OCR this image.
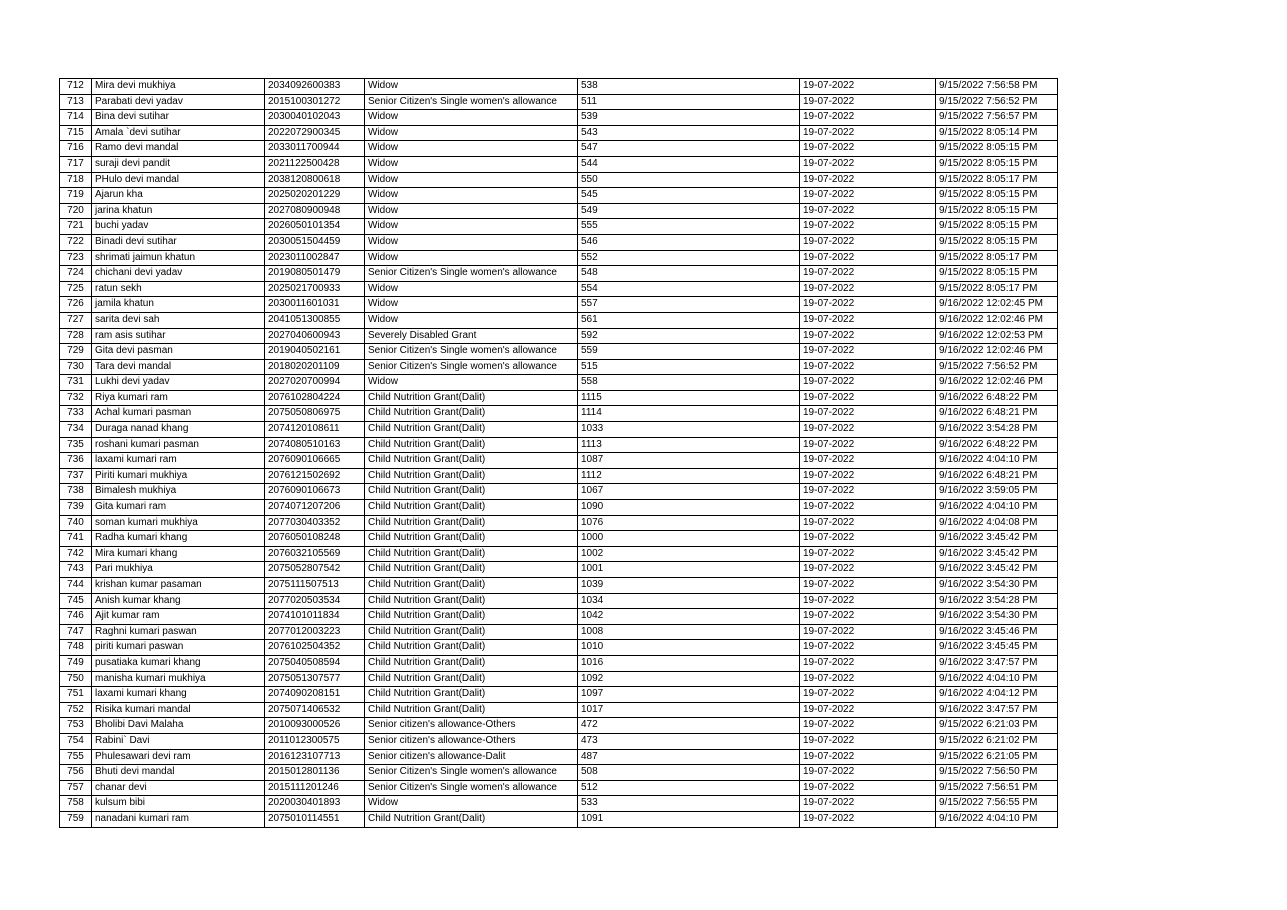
712	Mira devi mukhiya	2034092600383	Widow	538	19-07-2022	9/15/2022 7:56:58 PM
713	Parabati devi yadav	2015100301272	Senior Citizen's Single women's allowance	511	19-07-2022	9/15/2022 7:56:52 PM
714	Bina devi sutihar	2030040102043	Widow	539	19-07-2022	9/15/2022 7:56:57 PM
715	Amala `devi sutihar	2022072900345	Widow	543	19-07-2022	9/15/2022 8:05:14 PM
716	Ramo devi mandal	2033011700944	Widow	547	19-07-2022	9/15/2022 8:05:15 PM
717	suraji devi pandit	2021122500428	Widow	544	19-07-2022	9/15/2022 8:05:15 PM
718	PHulo devi mandal	2038120800618	Widow	550	19-07-2022	9/15/2022 8:05:17 PM
719	Ajarun kha	2025020201229	Widow	545	19-07-2022	9/15/2022 8:05:15 PM
720	jarina khatun	2027080900948	Widow	549	19-07-2022	9/15/2022 8:05:15 PM
721	buchi yadav	2026050101354	Widow	555	19-07-2022	9/15/2022 8:05:15 PM
722	Binadi devi sutihar	2030051504459	Widow	546	19-07-2022	9/15/2022 8:05:15 PM
723	shrimati jaimun khatun	2023011002847	Widow	552	19-07-2022	9/15/2022 8:05:17 PM
724	chichani devi yadav	2019080501479	Senior Citizen's Single women's allowance	548	19-07-2022	9/15/2022 8:05:15 PM
725	ratun sekh	2025021700933	Widow	554	19-07-2022	9/15/2022 8:05:17 PM
726	jamila khatun	2030011601031	Widow	557	19-07-2022	9/16/2022 12:02:45 PM
727	sarita devi sah	2041051300855	Widow	561	19-07-2022	9/16/2022 12:02:46 PM
728	ram asis sutihar	2027040600943	Severely Disabled Grant	592	19-07-2022	9/16/2022 12:02:53 PM
729	Gita devi pasman	2019040502161	Senior Citizen's Single women's allowance	559	19-07-2022	9/16/2022 12:02:46 PM
730	Tara devi mandal	2018020201109	Senior Citizen's Single women's allowance	515	19-07-2022	9/15/2022 7:56:52 PM
731	Lukhi devi yadav	2027020700994	Widow	558	19-07-2022	9/16/2022 12:02:46 PM
732	Riya kumari ram	2076102804224	Child Nutrition Grant(Dalit)	1115	19-07-2022	9/16/2022 6:48:22 PM
733	Achal kumari pasman	2075050806975	Child Nutrition Grant(Dalit)	1114	19-07-2022	9/16/2022 6:48:21 PM
734	Duraga nanad khang	2074120108611	Child Nutrition Grant(Dalit)	1033	19-07-2022	9/16/2022 3:54:28 PM
735	roshani kumari pasman	2074080510163	Child Nutrition Grant(Dalit)	1113	19-07-2022	9/16/2022 6:48:22 PM
736	laxami kumari ram	2076090106665	Child Nutrition Grant(Dalit)	1087	19-07-2022	9/16/2022 4:04:10 PM
737	Piriti kumari mukhiya	2076121502692	Child Nutrition Grant(Dalit)	1112	19-07-2022	9/16/2022 6:48:21 PM
738	Bimalesh mukhiya	2076090106673	Child Nutrition Grant(Dalit)	1067	19-07-2022	9/16/2022 3:59:05 PM
739	Gita kumari ram	2074071207206	Child Nutrition Grant(Dalit)	1090	19-07-2022	9/16/2022 4:04:10 PM
740	soman kumari mukhiya	2077030403352	Child Nutrition Grant(Dalit)	1076	19-07-2022	9/16/2022 4:04:08 PM
741	Radha kumari khang	2076050108248	Child Nutrition Grant(Dalit)	1000	19-07-2022	9/16/2022 3:45:42 PM
742	Mira kumari khang	2076032105569	Child Nutrition Grant(Dalit)	1002	19-07-2022	9/16/2022 3:45:42 PM
743	Pari mukhiya	2075052807542	Child Nutrition Grant(Dalit)	1001	19-07-2022	9/16/2022 3:45:42 PM
744	krishan kumar pasaman	2075111507513	Child Nutrition Grant(Dalit)	1039	19-07-2022	9/16/2022 3:54:30 PM
745	Anish kumar khang	2077020503534	Child Nutrition Grant(Dalit)	1034	19-07-2022	9/16/2022 3:54:28 PM
746	Ajit kumar ram	2074101011834	Child Nutrition Grant(Dalit)	1042	19-07-2022	9/16/2022 3:54:30 PM
747	Raghni kumari paswan	2077012003223	Child Nutrition Grant(Dalit)	1008	19-07-2022	9/16/2022 3:45:46 PM
748	piriti kumari paswan	2076102504352	Child Nutrition Grant(Dalit)	1010	19-07-2022	9/16/2022 3:45:45 PM
749	pusatiaka kumari khang	2075040508594	Child Nutrition Grant(Dalit)	1016	19-07-2022	9/16/2022 3:47:57 PM
750	manisha kumari mukhiya	2075051307577	Child Nutrition Grant(Dalit)	1092	19-07-2022	9/16/2022 4:04:10 PM
751	laxami kumari khang	2074090208151	Child Nutrition Grant(Dalit)	1097	19-07-2022	9/16/2022 4:04:12 PM
752	Risika kumari mandal	2075071406532	Child Nutrition Grant(Dalit)	1017	19-07-2022	9/16/2022 3:47:57 PM
753	Bholibi Davi Malaha	2010093000526	Senior citizen's allowance-Others	472	19-07-2022	9/15/2022 6:21:03 PM
754	Rabini` Davi	2011012300575	Senior citizen's allowance-Others	473	19-07-2022	9/15/2022 6:21:02 PM
755	Phulesawari devi ram	2016123107713	Senior citizen's allowance-Dalit	487	19-07-2022	9/15/2022 6:21:05 PM
756	Bhuti devi mandal	2015012801136	Senior Citizen's Single women's allowance	508	19-07-2022	9/15/2022 7:56:50 PM
757	chanar devi	2015111201246	Senior Citizen's Single women's allowance	512	19-07-2022	9/15/2022 7:56:51 PM
758	kulsum bibi	2020030401893	Widow	533	19-07-2022	9/15/2022 7:56:55 PM
759	nanadani kumari ram	2075010114551	Child Nutrition Grant(Dalit)	1091	19-07-2022	9/16/2022 4:04:10 PM
